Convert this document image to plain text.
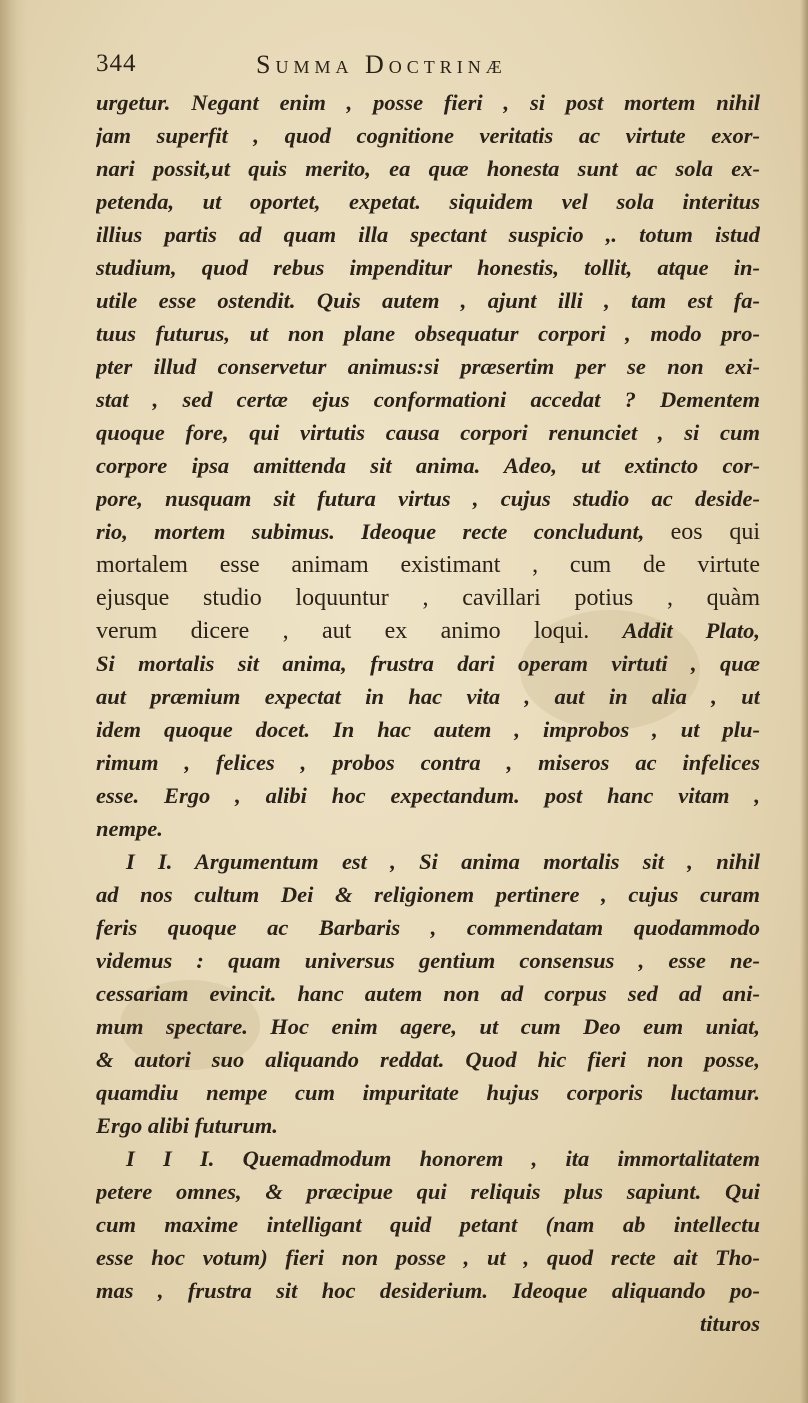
344	Summa Doctrinæ
urgetur. Negant enim , posse fieri , si post mortem nihil
jam superfit , quod cognitione veritatis ac virtute exor-
nari possit,ut quis merito, ea quæ honesta sunt ac sola ex-
petenda, ut oportet, expetat. siquidem vel sola interitus
illius partis ad quam illa spectant suspicio ,. totum istud
studium, quod rebus impenditur honestis, tollit, atque in-
utile esse ostendit. Quis autem , ajunt illi , tam est fa-
tuus futurus, ut non plane obsequatur corpori , modo pro-
pter illud conservetur animus:si præsertim per se non exi-
stat , sed certæ ejus conformationi accedat ? Dementem
quoque fore, qui virtutis causa corpori renunciet , si cum
corpore ipsa amittenda sit anima. Adeo, ut extincto cor-
pore, nusquam sit futura virtus , cujus studio ac deside-
rio, mortem subimus. Ideoque recte concludunt, eos qui
mortalem esse animam existimant , cum de virtute
ejusque studio loquuntur , cavillari potius , quàm
verum dicere , aut ex animo loqui. Addit Plato,
Si mortalis sit anima, frustra dari operam virtuti , quæ
aut præmium expectat in hac vita , aut in alia , ut
idem quoque docet. In hac autem , improbos , ut plu-
rimum , felices , probos contra , miseros ac infelices
esse. Ergo , alibi hoc expectandum. post hanc vitam ,
nempe.
I I. Argumentum est , Si anima mortalis sit , nihil
ad nos cultum Dei & religionem pertinere , cujus curam
feris quoque ac Barbaris , commendatam quodammodo
videmus : quam universus gentium consensus , esse ne-
cessariam evincit. hanc autem non ad corpus sed ad ani-
mum spectare. Hoc enim agere, ut cum Deo eum uniat,
& autori suo aliquando reddat. Quod hic fieri non posse,
quamdiu nempe cum impuritate hujus corporis luctamur.
Ergo alibi futurum.
I I I. Quemadmodum honorem , ita immortalitatem
petere omnes, & præcipue qui reliquis plus sapiunt. Qui
cum maxime intelligant quid petant (nam ab intellectu
esse hoc votum) fieri non posse , ut , quod recte ait Tho-
mas , frustra sit hoc desiderium. Ideoque aliquando po-
tituros
